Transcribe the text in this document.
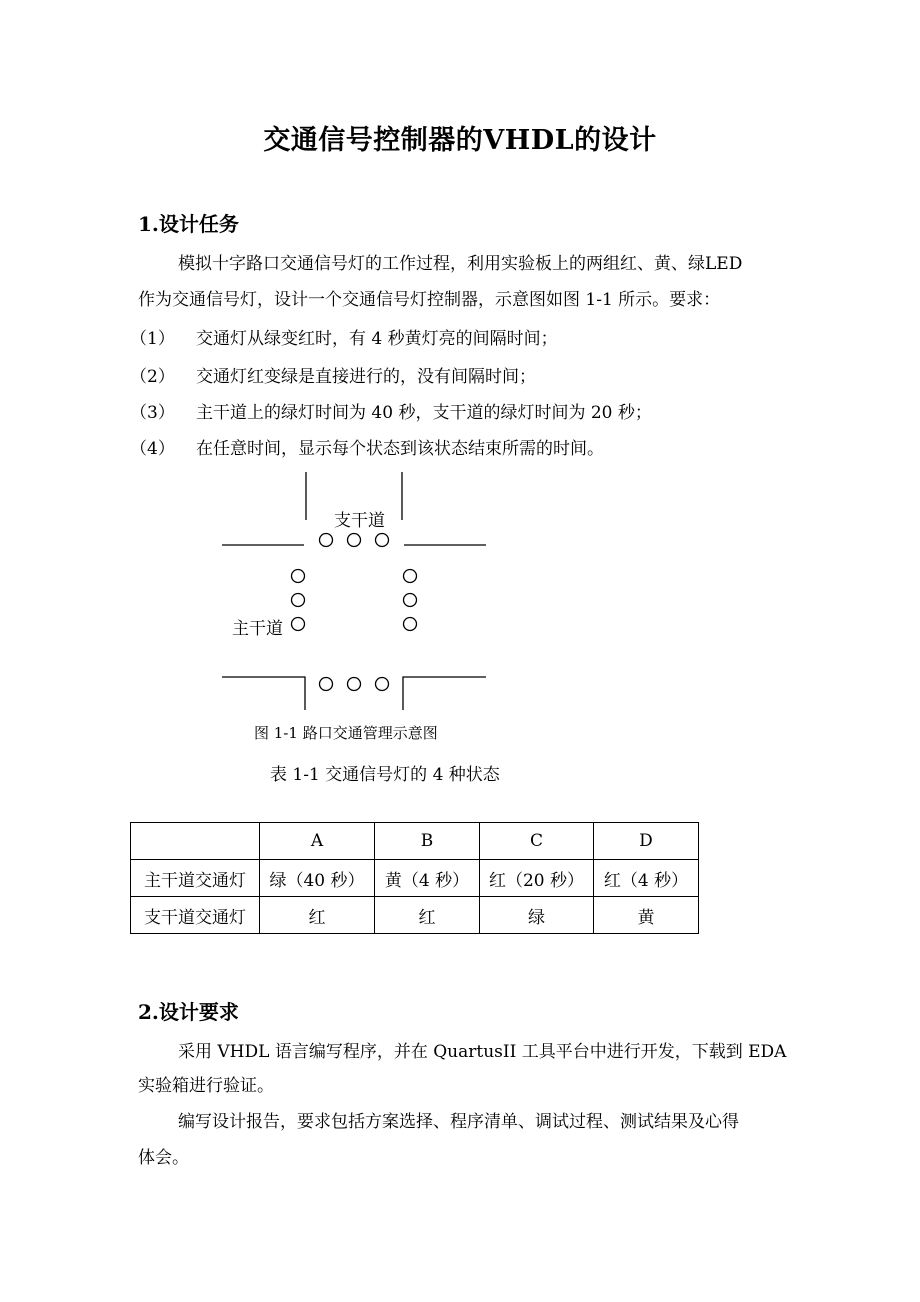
交通信号控制器的VHDL的设计
1.设计任务
模拟十字路口交通信号灯的工作过程，利用实验板上的两组红、黄、绿LED
作为交通信号灯，设计一个交通信号灯控制器，示意图如图 1-1 所示。要求：
（1） 交通灯从绿变红时，有 4 秒黄灯亮的间隔时间；
（2） 交通灯红变绿是直接进行的，没有间隔时间；
（3） 主干道上的绿灯时间为 40 秒，支干道的绿灯时间为 20 秒；
（4） 在任意时间，显示每个状态到该状态结束所需的时间。
支干道
主干道
图 1-1 路口交通管理示意图
表 1-1 交通信号灯的 4 种状态
	A	B	C	D
主干道交通灯	绿（40 秒）	黄（4 秒）	红（20 秒）	红（4 秒）
支干道交通灯	红	红	绿	黄
2.设计要求
采用 VHDL 语言编写程序，并在 QuartusII 工具平台中进行开发，下载到 EDA
实验箱进行验证。
编写设计报告，要求包括方案选择、程序清单、调试过程、测试结果及心得
体会。
